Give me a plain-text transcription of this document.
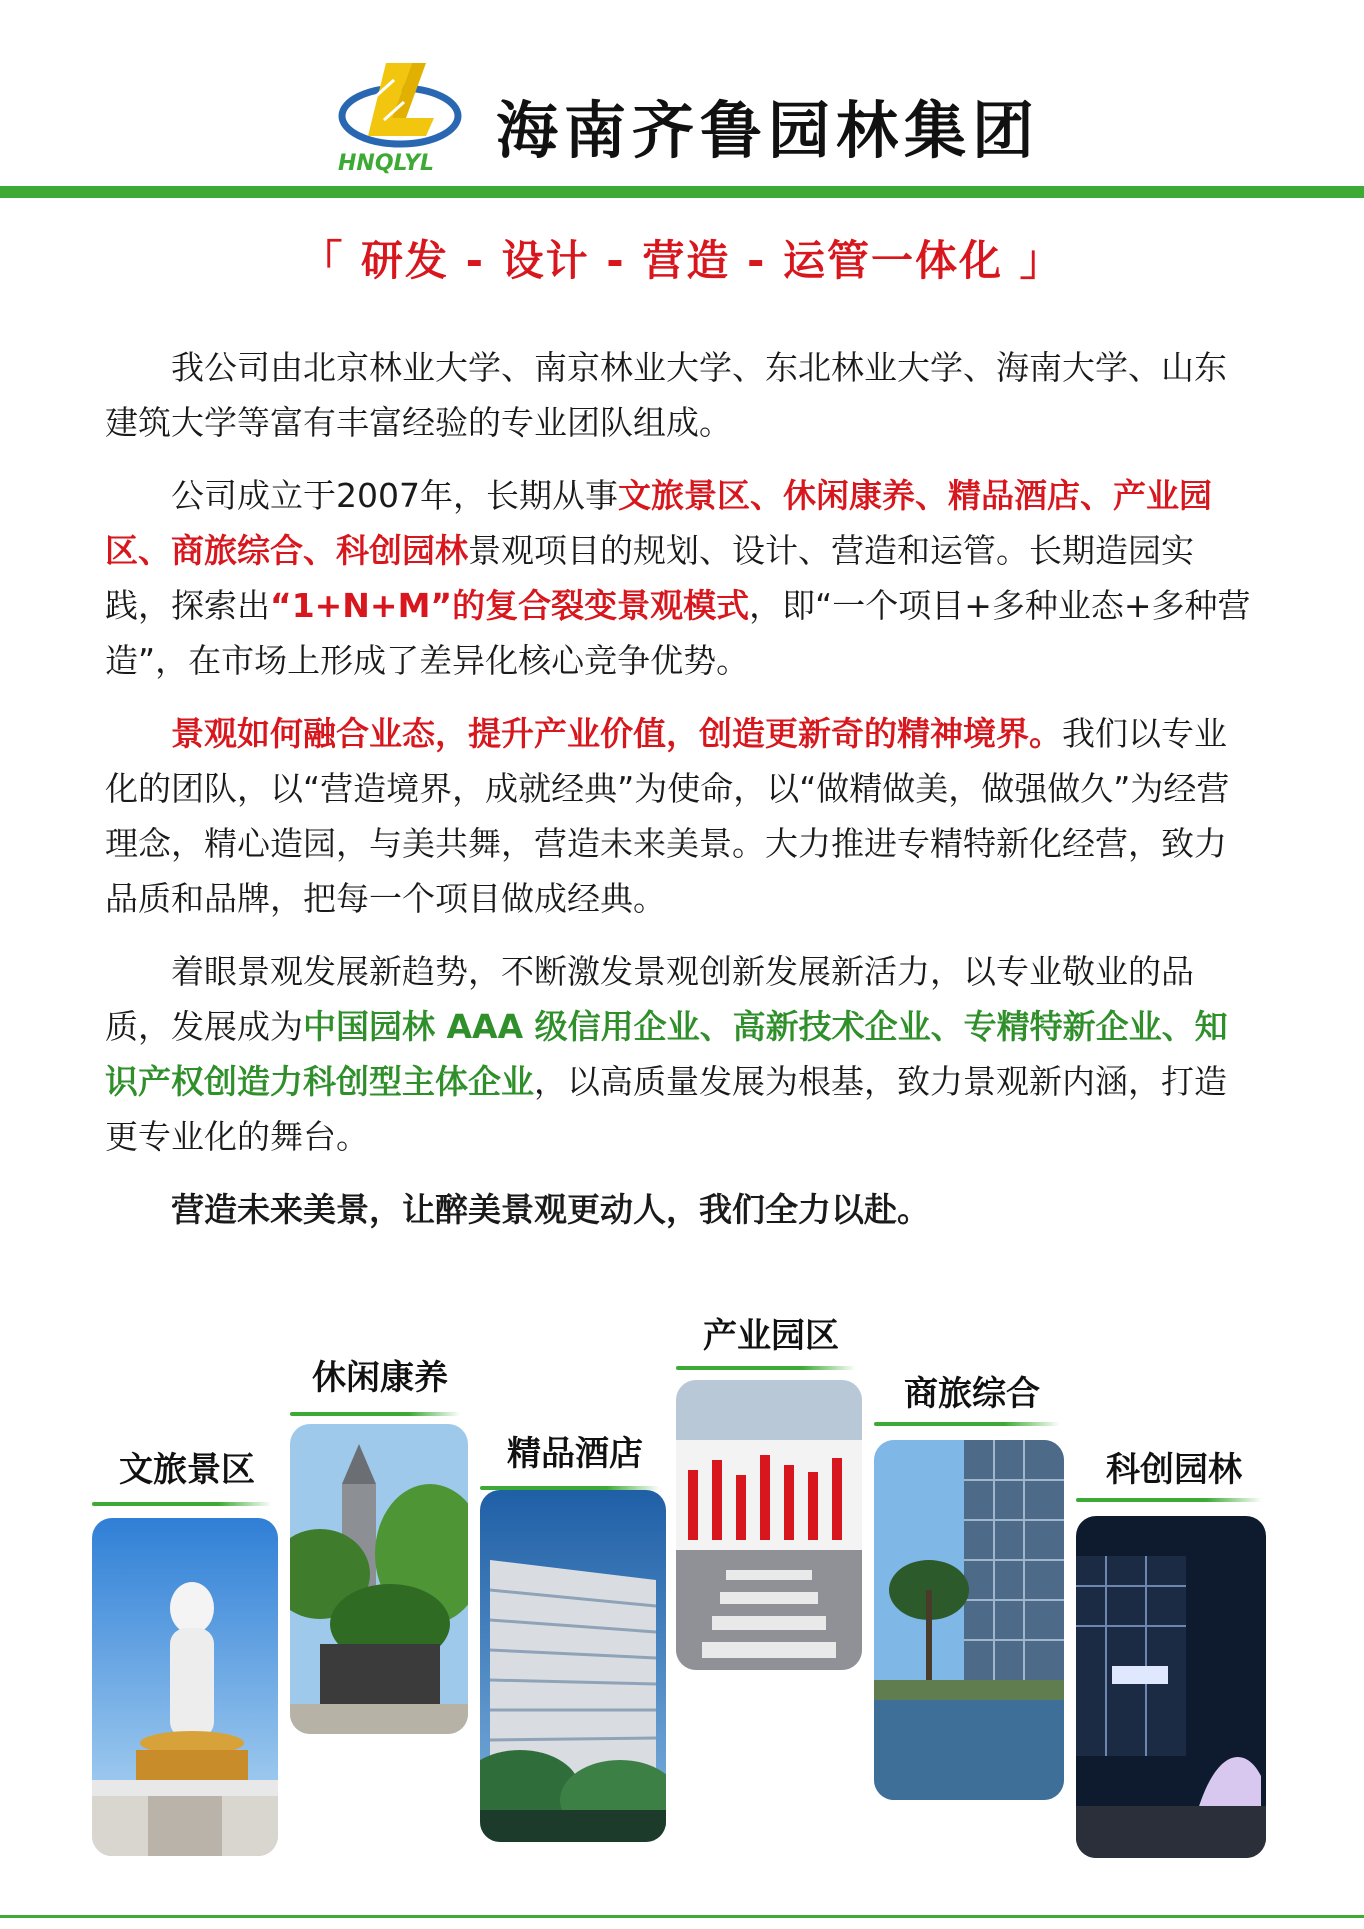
HNQLYL 海南齐鲁园林集团
「 研发 - 设计 - 营造 - 运管一体化 」

我公司由北京林业大学、南京林业大学、东北林业大学、海南大学、山东建筑大学等富有丰富经验的专业团队组成。

公司成立于2007年，长期从事文旅景区、休闲康养、精品酒店、产业园区、商旅综合、科创园林景观项目的规划、设计、营造和运管。长期造园实践，探索出“1+N+M”的复合裂变景观模式，即“一个项目+多种业态+多种营造”，在市场上形成了差异化核心竞争优势。

景观如何融合业态，提升产业价值，创造更新奇的精神境界。我们以专业化的团队，以“营造境界，成就经典”为使命，以“做精做美，做强做久”为经营理念，精心造园，与美共舞，营造未来美景。大力推进专精特新化经营，致力品质和品牌，把每一个项目做成经典。

着眼景观发展新趋势，不断激发景观创新发展新活力，以专业敬业的品质，发展成为中国园林 AAA 级信用企业、高新技术企业、专精特新企业、知识产权创造力科创型主体企业，以高质量发展为根基，致力景观新内涵，打造更专业化的舞台。

营造未来美景，让醉美景观更动人，我们全力以赴。

文旅景区
休闲康养
精品酒店
产业园区
商旅综合
科创园林
